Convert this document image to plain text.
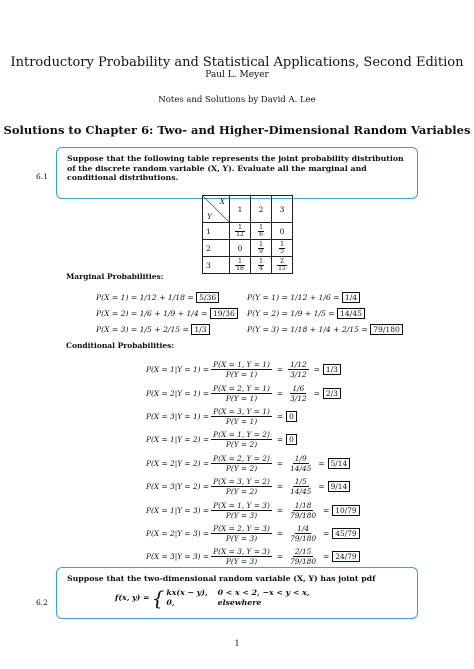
Introductory Probability and Statistical Applications, Second Edition
Paul L. Meyer
Notes and Solutions by David A. Lee
Solutions to Chapter 6: Two- and Higher-Dimensional Random Variables
6.1
Suppose that the following table represents the joint probability distribution of the discrete random variable (X, Y). Evaluate all the marginal and conditional distributions.
X
Y	1	2	3
1	$\frac{1}{12}$	$\frac{1}{6}$	0
2	0	$\frac{1}{9}$	$\frac{1}{5}$

3	$\frac{1}{18}$	$\frac{1}{4}$	$\frac{2}{15}$
Marginal Probabilities:
P(X = 1) = 1/12 + 1/18 = 5/36
P(X = 2) = 1/6 + 1/9 + 1/4 = 19/36
P(X = 3) = 1/5 + 2/15 = 1/3
P(Y = 1) = 1/12 + 1/6 = 1/4
P(Y = 2) = 1/9 + 1/5 = 14/45
P(Y = 3) = 1/18 + 1/4 + 2/15 = 79/180
Conditional Probabilities:
$P(X = 1|Y = 1) = \frac{P(X = 1, Y = 1)}{P(Y = 1)} = \frac{1/12}{3/12} = 1/3$
$P(X = 2|Y = 1) = \frac{P(X = 2, Y = 1)}{P(Y = 1)} = \frac{1/6}{3/12} = 2/3$
$P(X = 3|Y = 1) = \frac{P(X = 3, Y = 1)}{P(Y = 1)} = 0$
$P(X = 1|Y = 2) = \frac{P(X = 1, Y = 2)}{P(Y = 2)} = 0$
$P(X = 2|Y = 2) = \frac{P(X = 2, Y = 2)}{P(Y = 2)} = \frac{1/9}{14/45} = 5/14$
$P(X = 3|Y = 2) = \frac{P(X = 3, Y = 2)}{P(Y = 2)} = \frac{1/5}{14/45} = 9/14$
$P(X = 1|Y = 3) = \frac{P(X = 1, Y = 3)}{P(Y = 3)} = \frac{1/18}{79/180} = 10/79$
$P(X = 2|Y = 3) = \frac{P(X = 2, Y = 3)}{P(Y = 3)} = \frac{1/4}{79/180} = 45/79$
$P(X = 3|Y = 3) = \frac{P(X = 3, Y = 3)}{P(Y = 3)} = \frac{2/15}{79/180} = 24/79$
6.2
Suppose that the two-dimensional random variable (X, Y) has joint pdf
f(x, y) = { kx(x − y), 0 < x < 2, −x < y < x,
0,	elsewhere
1
